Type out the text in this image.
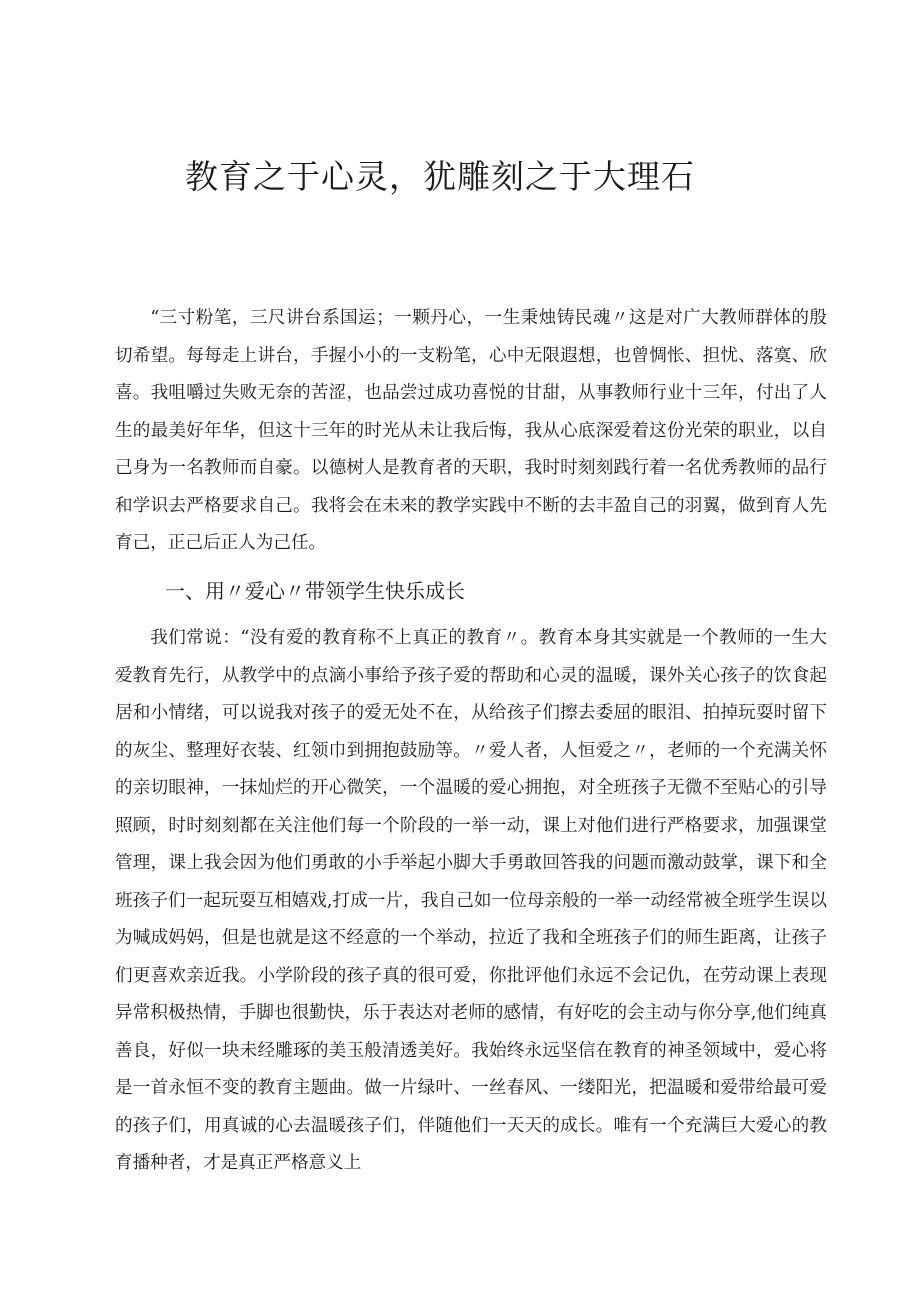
教育之于心灵，犹雕刻之于大理石

“三寸粉笔，三尺讲台系国运；一颗丹心，一生秉烛铸民魂〃这是对广大教师群体的殷切希望。每每走上讲台，手握小小的一支粉笔，心中无限遐想，也曾惆怅、担忧、落寞、欣喜。我咀嚼过失败无奈的苦涩，也品尝过成功喜悦的甘甜，从事教师行业十三年，付出了人生的最美好年华，但这十三年的时光从未让我后悔，我从心底深爱着这份光荣的职业，以自己身为一名教师而自豪。以德树人是教育者的天职，我时时刻刻践行着一名优秀教师的品行和学识去严格要求自己。我将会在未来的教学实践中不断的去丰盈自己的羽翼，做到育人先育己，正己后正人为己任。

一、用〃爱心〃带领学生快乐成长

我们常说：“没有爱的教育称不上真正的教育〃。教育本身其实就是一个教师的一生大爱教育先行，从教学中的点滴小事给予孩子爱的帮助和心灵的温暖，课外关心孩子的饮食起居和小情绪，可以说我对孩子的爱无处不在，从给孩子们擦去委屈的眼泪、拍掉玩耍时留下的灰尘、整理好衣装、红领巾到拥抱鼓励等。〃爱人者，人恒爱之〃，老师的一个充满关怀的亲切眼神，一抹灿烂的开心微笑，一个温暖的爱心拥抱，对全班孩子无微不至贴心的引导照顾，时时刻刻都在关注他们每一个阶段的一举一动，课上对他们进行严格要求，加强课堂管理，课上我会因为他们勇敢的小手举起小脚大手勇敢回答我的问题而激动鼓掌，课下和全班孩子们一起玩耍互相嬉戏,打成一片，我自己如一位母亲般的一举一动经常被全班学生误以为喊成妈妈，但是也就是这不经意的一个举动，拉近了我和全班孩子们的师生距离，让孩子们更喜欢亲近我。小学阶段的孩子真的很可爱，你批评他们永远不会记仇，在劳动课上表现异常积极热情，手脚也很勤快，乐于表达对老师的感情，有好吃的会主动与你分享,他们纯真善良，好似一块未经雕琢的美玉般清透美好。我始终永远坚信在教育的神圣领域中，爱心将是一首永恒不变的教育主题曲。做一片绿叶、一丝春风、一缕阳光，把温暖和爱带给最可爱的孩子们，用真诚的心去温暖孩子们，伴随他们一天天的成长。唯有一个充满巨大爱心的教育播种者，才是真正严格意义上
